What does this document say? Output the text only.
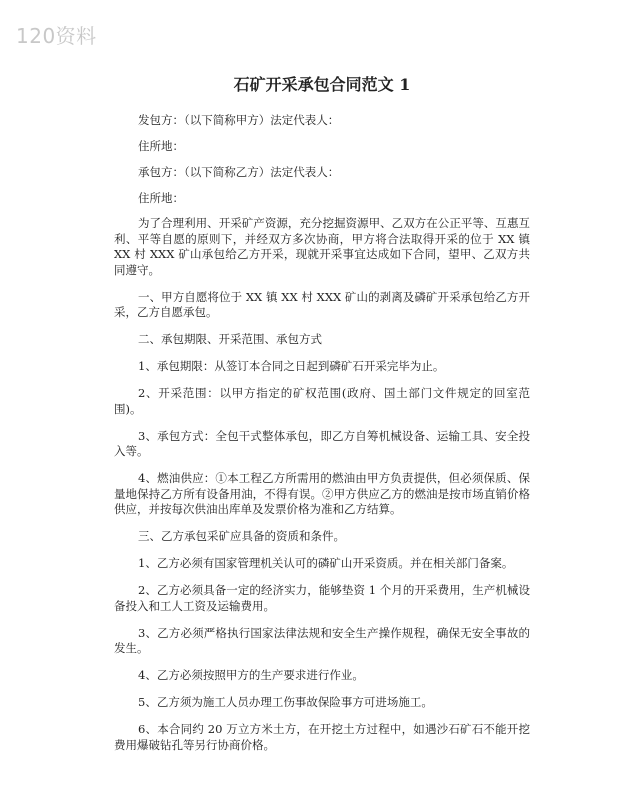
120资料
石矿开采承包合同范文 1
发包方：（以下简称甲方）法定代表人：
住所地：
承包方：（以下简称乙方）法定代表人：
住所地：

为了合理利用、开采矿产资源，充分挖掘资源甲、乙双方在公正平等、互惠互利、平等自愿的原则下，并经双方多次协商，甲方将合法取得开采的位于 XX 镇 XX 村 XXX 矿山承包给乙方开采，现就开采事宜达成如下合同，望甲、乙双方共同遵守。

一、甲方自愿将位于 XX 镇 XX 村 XXX 矿山的剥离及磷矿开采承包给乙方开采，乙方自愿承包。

二、承包期限、开采范围、承包方式

1、承包期限：从签订本合同之日起到磷矿石开采完毕为止。

2、开采范围：以甲方指定的矿权范围(政府、国土部门文件规定的回室范围)。

3、承包方式：全包干式整体承包，即乙方自筹机械设备、运输工具、安全投入等。

4、燃油供应：①本工程乙方所需用的燃油由甲方负责提供，但必须保质、保量地保持乙方所有设备用油，不得有误。②甲方供应乙方的燃油是按市场直销价格供应，并按每次供油出库单及发票价格为准和乙方结算。

三、乙方承包采矿应具备的资质和条件。

1、乙方必须有国家管理机关认可的磷矿山开采资质。并在相关部门备案。

2、乙方必须具备一定的经济实力，能够垫资 1 个月的开采费用，生产机械设备投入和工人工资及运输费用。

3、乙方必须严格执行国家法律法规和安全生产操作规程，确保无安全事故的发生。

4、乙方必须按照甲方的生产要求进行作业。

5、乙方须为施工人员办理工伤事故保险事方可进场施工。

6、本合同约 20 万立方米土方，在开挖土方过程中，如遇沙石矿石不能开挖费用爆破钻孔等另行协商价格。
